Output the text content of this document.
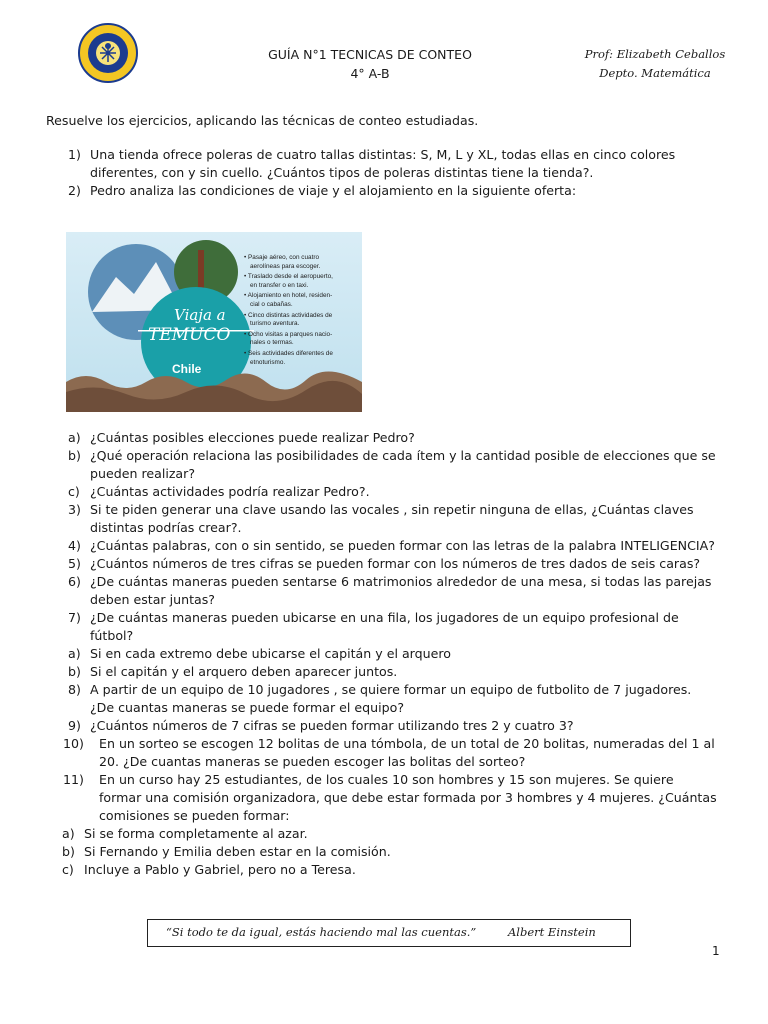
GUÍA N°1 TECNICAS DE CONTEO
4° A-B
Prof: Elizabeth Ceballos
Depto. Matemática
Resuelve los ejercicios, aplicando las técnicas de conteo estudiadas.
1) Una tienda ofrece poleras de cuatro tallas distintas: S, M, L y XL, todas ellas en cinco colores
diferentes, con y sin cuello. ¿Cuántos tipos de poleras distintas tiene la tienda?.
2) Pedro analiza las condiciones de viaje y el alojamiento en la siguiente oferta:
a) ¿Cuántas posibles elecciones puede realizar Pedro?
b) ¿Qué operación relaciona las posibilidades de cada ítem y la cantidad posible de elecciones que se
pueden realizar?
c) ¿Cuántas actividades podría realizar Pedro?.
3) Si te piden generar una clave usando las vocales , sin repetir ninguna de ellas, ¿Cuántas claves
distintas podrías crear?.
4) ¿Cuántas palabras, con o sin sentido, se pueden formar con las letras de la palabra INTELIGENCIA?
5) ¿Cuántos números de tres cifras se pueden formar con los números de tres dados de seis caras?
6) ¿De cuántas maneras pueden sentarse 6 matrimonios alrededor de una mesa, si todas las parejas
deben estar juntas?
7) ¿De cuántas maneras pueden ubicarse en una fila, los jugadores de un equipo profesional de
fútbol?
a) Si en cada extremo debe ubicarse el capitán y el arquero
b) Si el capitán y el arquero deben aparecer juntos.
8) A partir de un equipo de 10 jugadores , se quiere formar un equipo de futbolito de 7 jugadores.
¿De cuantas maneras se puede formar el equipo?
9) ¿Cuántos números de 7 cifras se pueden formar utilizando tres 2 y cuatro 3?
10) En un sorteo se escogen 12 bolitas de una tómbola, de un total de 20 bolitas, numeradas del 1 al
20. ¿De cuantas maneras se pueden escoger las bolitas del sorteo?
11) En un curso hay 25 estudiantes, de los cuales 10 son hombres y 15 son mujeres. Se quiere
formar una comisión organizadora, que debe estar formada por 3 hombres y 4 mujeres. ¿Cuántas
comisiones se pueden formar:
a) Si se forma completamente al azar.
b) Si Fernando y Emilia deben estar en la comisión.
c) Incluye a Pablo y Gabriel, pero no a Teresa.
Viaja a
TEMUCO
Chile
• Pasaje aéreo, con cuatro
aerolíneas para escoger.
• Traslado desde el aeropuerto,
en transfer o en taxi.
• Alojamiento en hotel, residen-
cial o cabañas.
• Cinco distintas actividades de
turismo aventura.
• Ocho visitas a parques nacio-
nales o termas.
• Seis actividades diferentes de
etnoturismo.
“Si todo te da igual, estás haciendo mal las cuentas.”	Albert Einstein
1
